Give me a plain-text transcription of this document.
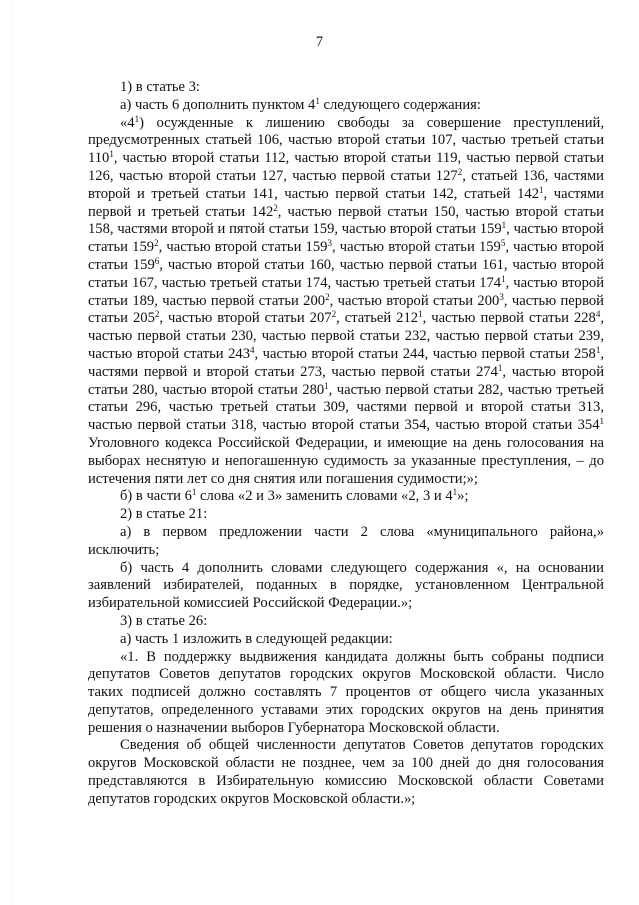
7

1) в статье 3:

а) часть 6 дополнить пунктом $4^1$ следующего содержания:

«$4^1$) осужденные к лишению свободы за совершение преступлений, предусмотренных статьей 106, частью второй статьи 107, частью третьей статьи $110^1$, частью второй статьи 112, частью второй статьи 119, частью первой статьи 126, частью второй статьи 127, частью первой статьи $127^2$, статьей 136, частями второй и третьей статьи 141, частью первой статьи 142, статьей $142^1$, частями первой и третьей статьи $142^2$, частью первой статьи 150, частью второй статьи 158, частями второй и пятой статьи 159, частью второй статьи $159^1$, частью второй статьи $159^2$, частью второй статьи $159^3$, частью второй статьи $159^5$, частью второй статьи $159^6$, частью второй статьи 160, частью первой статьи 161, частью второй статьи 167, частью третьей статьи 174, частью третьей статьи $174^1$, частью второй статьи 189, частью первой статьи $200^2$, частью второй статьи $200^3$, частью первой статьи $205^2$, частью второй статьи $207^2$, статьей $212^1$, частью первой статьи $228^4$, частью первой статьи 230, частью первой статьи 232, частью первой статьи 239, частью второй статьи $243^4$, частью второй статьи 244, частью первой статьи $258^1$, частями первой и второй статьи 273, частью первой статьи $274^1$, частью второй статьи 280, частью второй статьи $280^1$, частью первой статьи 282, частью третьей статьи 296, частью третьей статьи 309, частями первой и второй статьи 313, частью первой статьи 318, частью второй статьи 354, частью второй статьи $354^1$ Уголовного кодекса Российской Федерации, и имеющие на день голосования на выборах неснятую и непогашенную судимость за указанные преступления, – до истечения пяти лет со дня снятия или погашения судимости;»;

б) в части $6^1$ слова «2 и 3» заменить словами «2, 3 и $4^1$»;

2) в статье 21:

а) в первом предложении части 2 слова «муниципального района,» исключить;

б) часть 4 дополнить словами следующего содержания «, на основании заявлений избирателей, поданных в порядке, установленном Центральной избирательной комиссией Российской Федерации.»;

3) в статье 26:

а) часть 1 изложить в следующей редакции:

«1. В поддержку выдвижения кандидата должны быть собраны подписи депутатов Советов депутатов городских округов Московской области. Число таких подписей должно составлять 7 процентов от общего числа указанных депутатов, определенного уставами этих городских округов на день принятия решения о назначении выборов Губернатора Московской области.

Сведения об общей численности депутатов Советов депутатов городских округов Московской области не позднее, чем за 100 дней до дня голосования представляются в Избирательную комиссию Московской области Советами депутатов городских округов Московской области.»;
